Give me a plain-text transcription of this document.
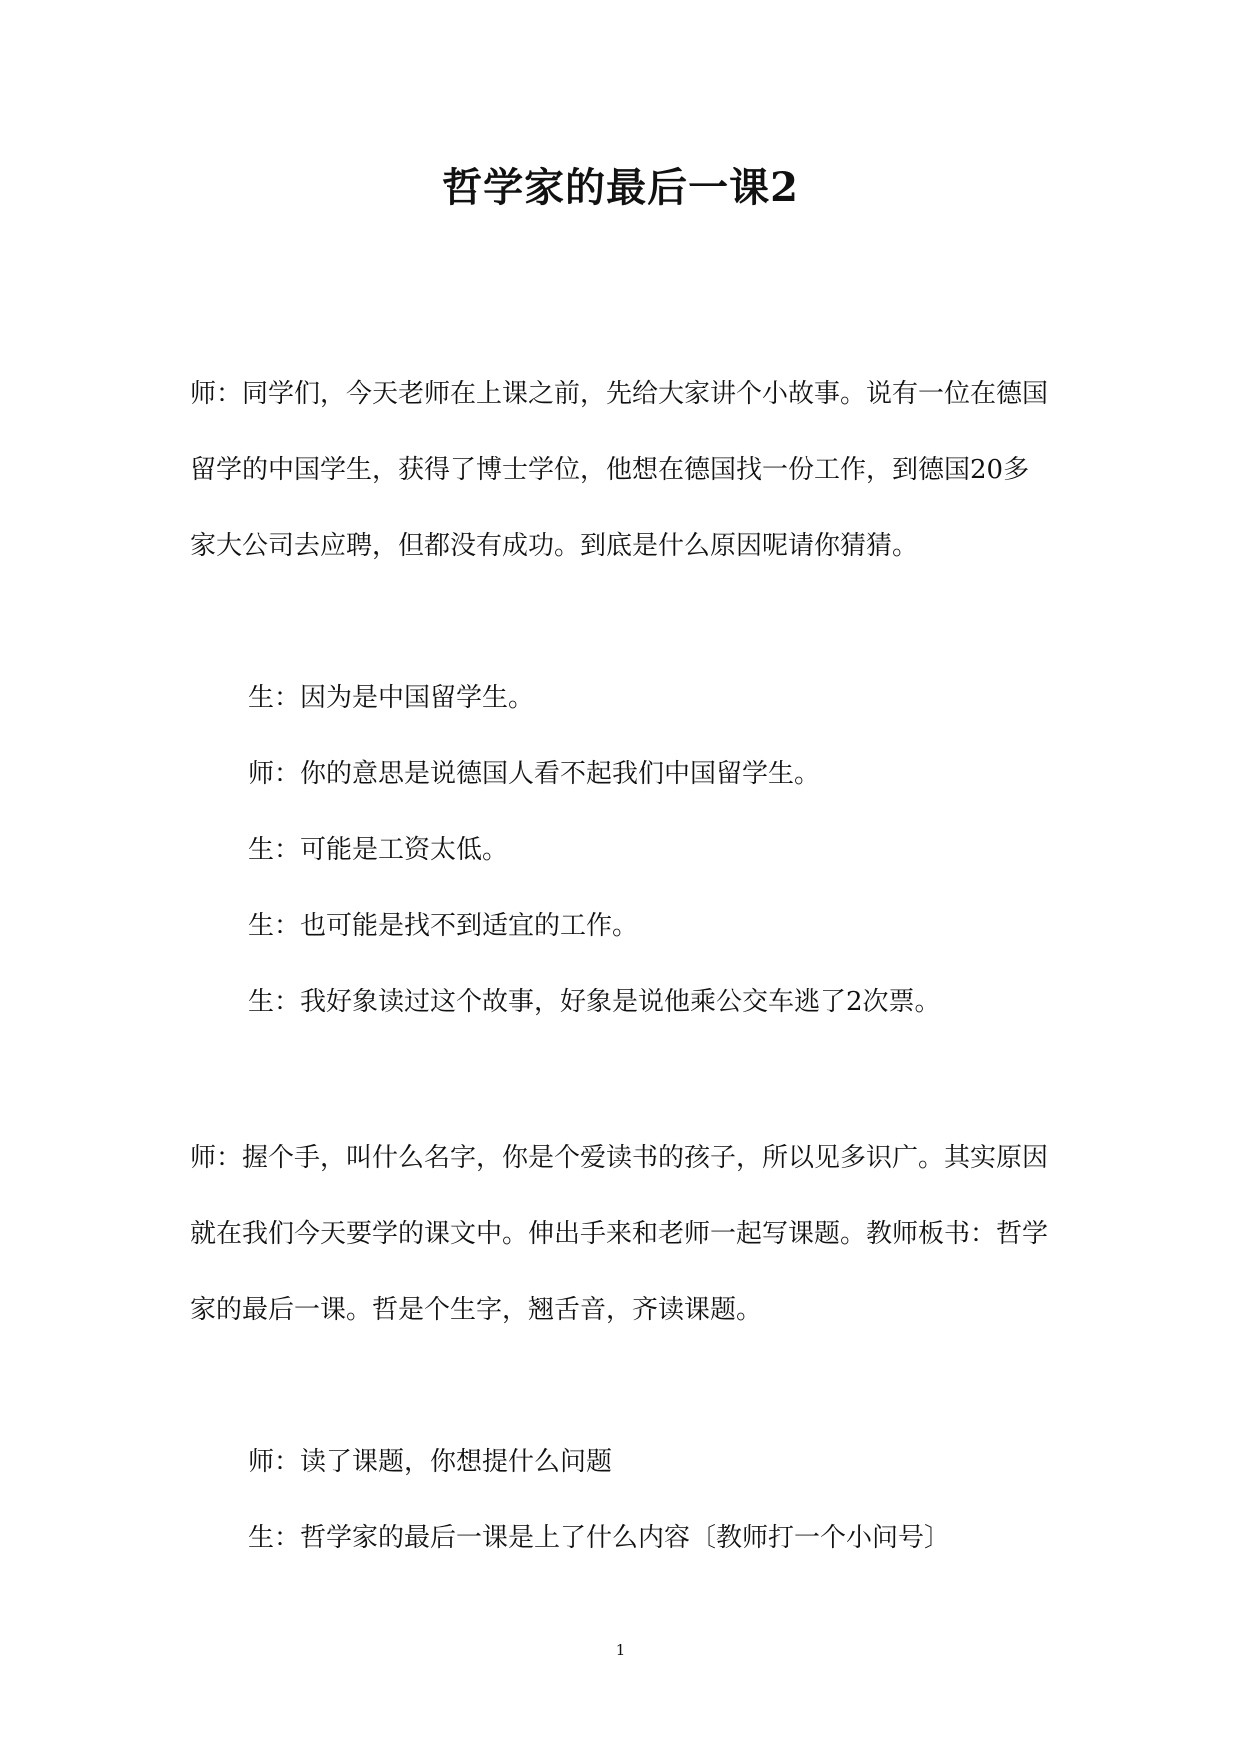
哲学家的最后一课2

师：同学们，今天老师在上课之前，先给大家讲个小故事。说有一位在德国留学的中国学生，获得了博士学位，他想在德国找一份工作，到德国20多家大公司去应聘，但都没有成功。到底是什么原因呢请你猜猜。

生：因为是中国留学生。

师：你的意思是说德国人看不起我们中国留学生。

生：可能是工资太低。

生：也可能是找不到适宜的工作。

生：我好象读过这个故事，好象是说他乘公交车逃了2次票。

师：握个手，叫什么名字，你是个爱读书的孩子，所以见多识广。其实原因就在我们今天要学的课文中。伸出手来和老师一起写课题。教师板书：哲学家的最后一课。哲是个生字，翘舌音，齐读课题。

师：读了课题，你想提什么问题

生：哲学家的最后一课是上了什么内容〔教师打一个小问号〕

1
